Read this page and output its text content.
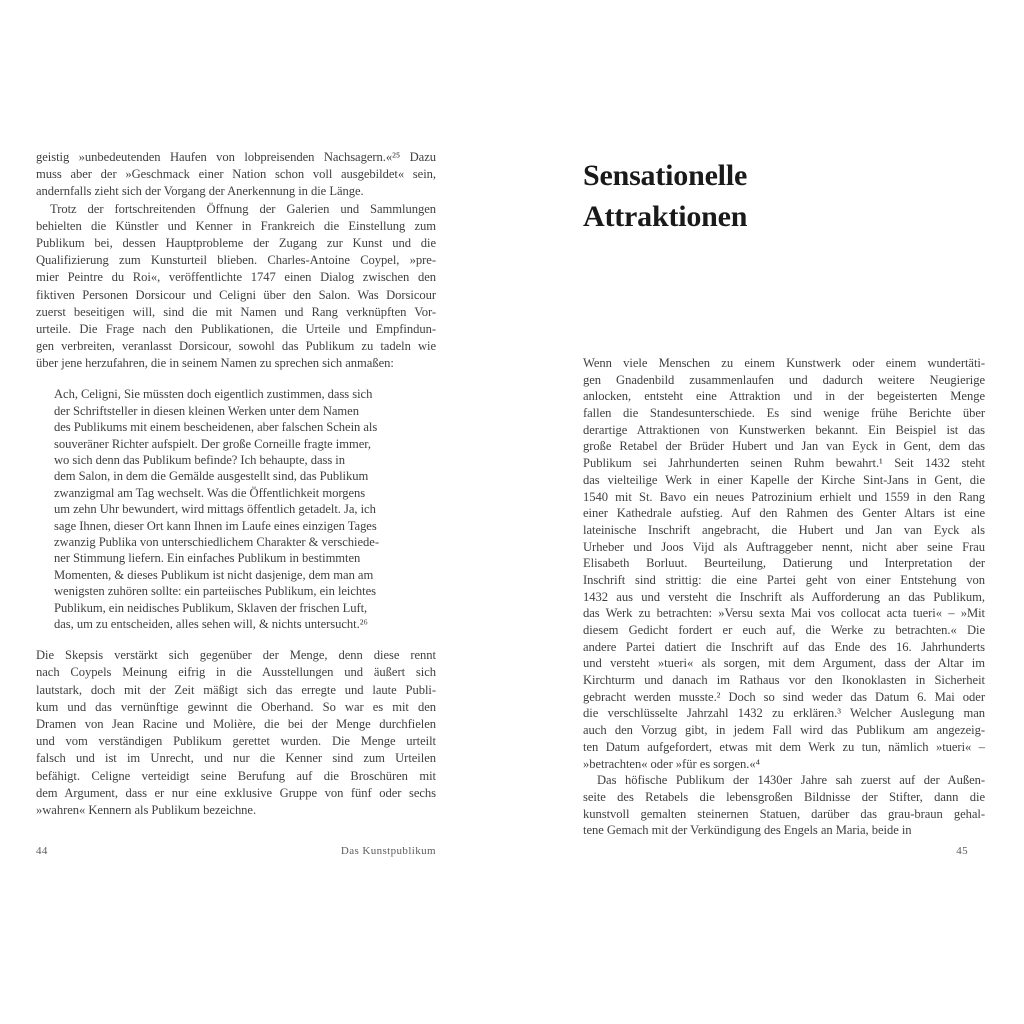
geistig »unbedeutenden Haufen von lobpreisenden Nachsagern.«²⁵ Dazu
muss aber der »Geschmack einer Nation schon voll ausgebildet« sein,
andernfalls zieht sich der Vorgang der Anerkennung in die Länge.
Trotz der fortschreitenden Öffnung der Galerien und Sammlungen
behielten die Künstler und Kenner in Frankreich die Einstellung zum
Publikum bei, dessen Hauptprobleme der Zugang zur Kunst und die
Qualifizierung zum Kunsturteil blieben. Charles-Antoine Coypel, »pre-
mier Peintre du Roi«, veröffentlichte 1747 einen Dialog zwischen den
fiktiven Personen Dorsicour und Celigni über den Salon. Was Dorsicour
zuerst beseitigen will, sind die mit Namen und Rang verknüpften Vor-
urteile. Die Frage nach den Publikationen, die Urteile und Empfindun-
gen verbreiten, veranlasst Dorsicour, sowohl das Publikum zu tadeln wie
über jene herzufahren, die in seinem Namen zu sprechen sich anmaßen:
Ach, Celigni, Sie müssten doch eigentlich zustimmen, dass sich
der Schriftsteller in diesen kleinen Werken unter dem Namen
des Publikums mit einem bescheidenen, aber falschen Schein als
souveräner Richter aufspielt. Der große Corneille fragte immer,
wo sich denn das Publikum befinde? Ich behaupte, dass in
dem Salon, in dem die Gemälde ausgestellt sind, das Publikum
zwanzigmal am Tag wechselt. Was die Öffentlichkeit morgens
um zehn Uhr bewundert, wird mittags öffentlich getadelt. Ja, ich
sage Ihnen, dieser Ort kann Ihnen im Laufe eines einzigen Tages
zwanzig Publika von unterschiedlichem Charakter & verschiede-
ner Stimmung liefern. Ein einfaches Publikum in bestimmten
Momenten, & dieses Publikum ist nicht dasjenige, dem man am
wenigsten zuhören sollte: ein parteiisches Publikum, ein leichtes
Publikum, ein neidisches Publikum, Sklaven der frischen Luft,
das, um zu entscheiden, alles sehen will, & nichts untersucht.²⁶
Die Skepsis verstärkt sich gegenüber der Menge, denn diese rennt
nach Coypels Meinung eifrig in die Ausstellungen und äußert sich
lautstark, doch mit der Zeit mäßigt sich das erregte und laute Publi-
kum und das vernünftige gewinnt die Oberhand. So war es mit den
Dramen von Jean Racine und Molière, die bei der Menge durchfielen
und vom verständigen Publikum gerettet wurden. Die Menge urteilt
falsch und ist im Unrecht, und nur die Kenner sind zum Urteilen
befähigt. Celigne verteidigt seine Berufung auf die Broschüren mit
dem Argument, dass er nur eine exklusive Gruppe von fünf oder sechs
»wahren« Kennern als Publikum bezeichne.
44	Das Kunstpublikum
Sensationelle
Attraktionen
Wenn viele Menschen zu einem Kunstwerk oder einem wundertäti-
gen Gnadenbild zusammenlaufen und dadurch weitere Neugierige
anlocken, entsteht eine Attraktion und in der begeisterten Menge
fallen die Standesunterschiede. Es sind wenige frühe Berichte über
derartige Attraktionen von Kunstwerken bekannt. Ein Beispiel ist das
große Retabel der Brüder Hubert und Jan van Eyck in Gent, dem das
Publikum sei Jahrhunderten seinen Ruhm bewahrt.¹ Seit 1432 steht
das vielteilige Werk in einer Kapelle der Kirche Sint-Jans in Gent, die
1540 mit St. Bavo ein neues Patrozinium erhielt und 1559 in den Rang
einer Kathedrale aufstieg. Auf den Rahmen des Genter Altars ist eine
lateinische Inschrift angebracht, die Hubert und Jan van Eyck als
Urheber und Joos Vijd als Auftraggeber nennt, nicht aber seine Frau
Elisabeth Borluut. Beurteilung, Datierung und Interpretation der
Inschrift sind strittig: die eine Partei geht von einer Entstehung von
1432 aus und versteht die Inschrift als Aufforderung an das Publikum,
das Werk zu betrachten: »Versu sexta Mai vos collocat acta tueri« – »Mit
diesem Gedicht fordert er euch auf, die Werke zu betrachten.« Die
andere Partei datiert die Inschrift auf das Ende des 16. Jahrhunderts
und versteht »tueri« als sorgen, mit dem Argument, dass der Altar im
Kirchturm und danach im Rathaus vor den Ikonoklasten in Sicherheit
gebracht werden musste.² Doch so sind weder das Datum 6. Mai oder
die verschlüsselte Jahrzahl 1432 zu erklären.³ Welcher Auslegung man
auch den Vorzug gibt, in jedem Fall wird das Publikum am angezeig-
ten Datum aufgefordert, etwas mit dem Werk zu tun, nämlich »tueri« –
»betrachten« oder »für es sorgen.«⁴
Das höfische Publikum der 1430er Jahre sah zuerst auf der Außen-
seite des Retabels die lebensgroßen Bildnisse der Stifter, dann die
kunstvoll gemalten steinernen Statuen, darüber das grau-braun gehal-
tene Gemach mit der Verkündigung des Engels an Maria, beide in
45
